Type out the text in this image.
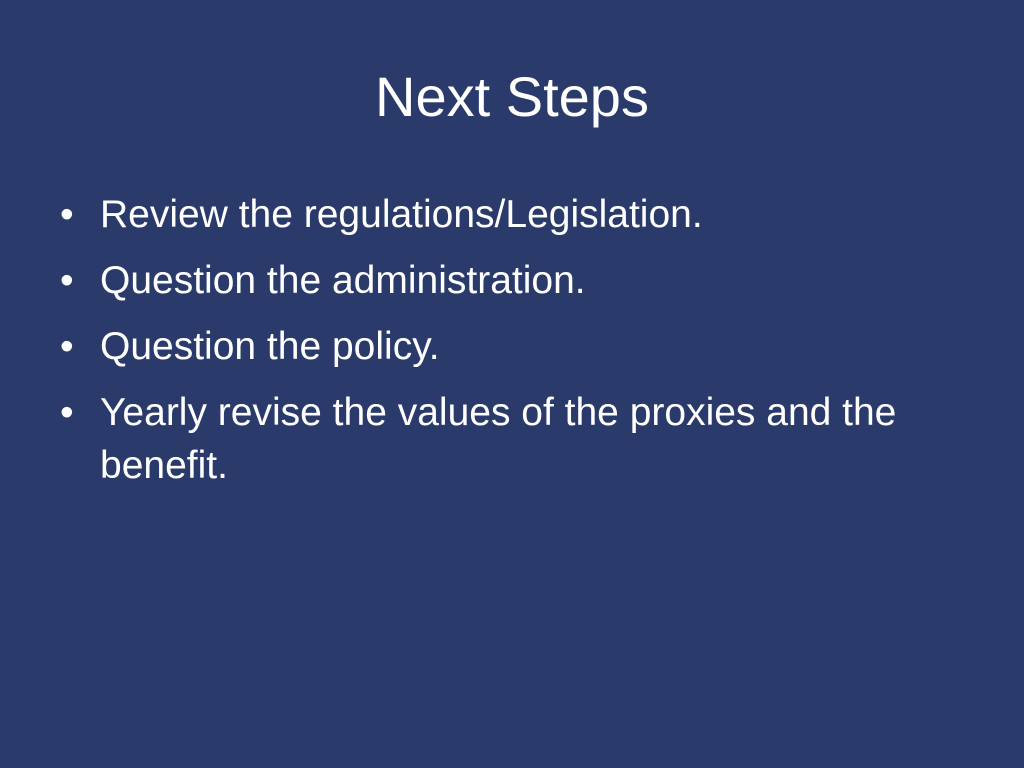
Next Steps
• Review the regulations/Legislation.
• Question the administration.
• Question the policy.
• Yearly revise the values of the proxies and the benefit.
